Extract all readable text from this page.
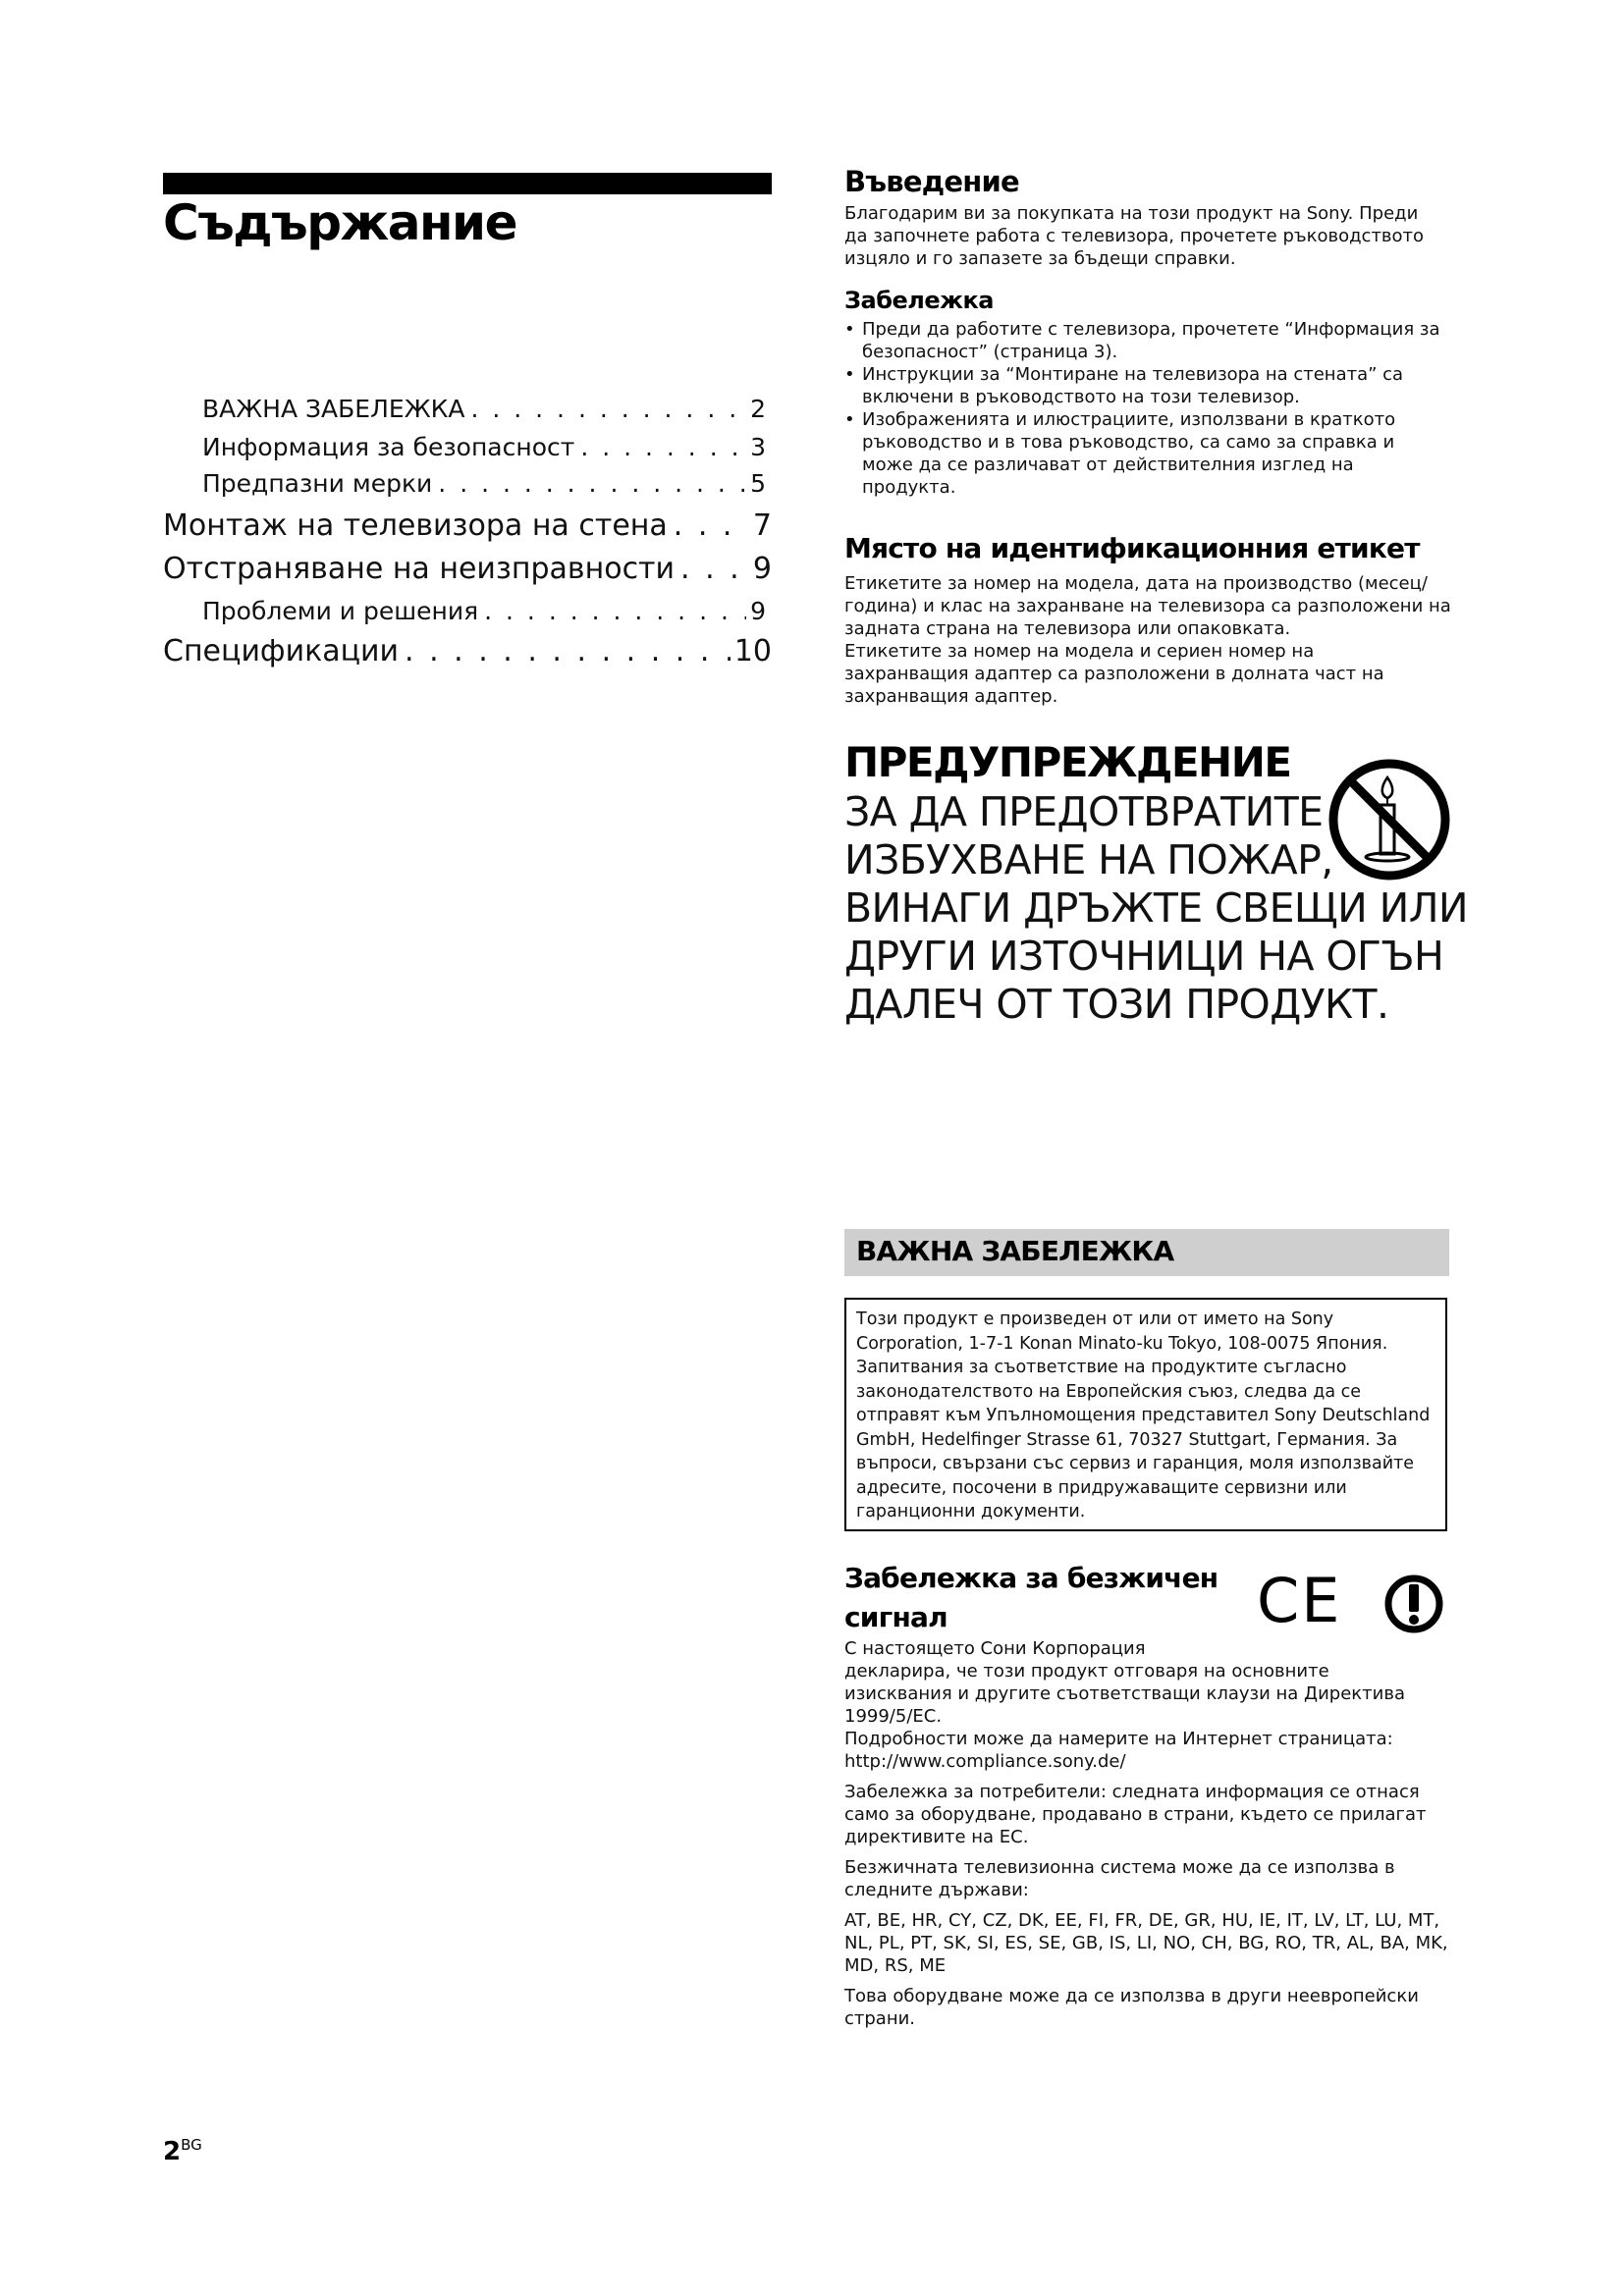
Съдържание
ВАЖНА ЗАБЕЛЕЖКА . . .	2
Информация за безопасност . . .	3
Предпазни мерки . . .	5
Монтаж на телевизора на стена . . .	7
Отстраняване на неизправности . . .	9
Проблеми и решения . . .	9
Спецификации . . .	10
Въведение

Благодарим ви за покупката на този продукт на Sony. Преди да започнете работа с телевизора, прочетете ръководството изцяло и го запазете за бъдещи справки.

Забележка
• Преди да работите с телевизора, прочетете “Информация за безопасност” (страница 3).
• Инструкции за “Монтиране на телевизора на стената” са включени в ръководството на този телевизор.
• Изображенията и илюстрациите, използвани в краткото ръководство и в това ръководство, са само за справка и може да се различават от действителния изглед на продукта.
Място на идентификационния етикет

Етикетите за номер на модела, дата на производство (месец/година) и клас на захранване на телевизора са разположени на задната страна на телевизора или опаковката.

Етикетите за номер на модела и сериен номер на захранващия адаптер са разположени в долната част на захранващия адаптер.

ПРЕДУПРЕЖДЕНИЕ

ЗА ДА ПРЕДОТВРАТИТЕ ИЗБУХВАНЕ НА ПОЖАР, ВИНАГИ ДРЪЖТЕ СВЕЩИ ИЛИ ДРУГИ ИЗТОЧНИЦИ НА ОГЪН ДАЛЕЧ ОТ ТОЗИ ПРОДУКТ.

ВАЖНА ЗАБЕЛЕЖКА

Този продукт е произведен от или от името на Sony Corporation, 1-7-1 Konan Minato-ku Tokyo, 108-0075 Япония. Запитвания за съответствие на продуктите съгласно законодателството на Европейския съюз, следва да се отправят към Упълномощения представител Sony Deutschland GmbH, Hedelfinger Strasse 61, 70327 Stuttgart, Германия. За въпроси, свързани със сервиз и гаранция, моля използвайте адресите, посочени в придружаващите сервизни или гаранционни документи.

Забележка за безжичен
сигнал

С настоящето Сони Корпорация

декларира, че този продукт отговаря на основните изисквания и другите съответстващи клаузи на Директива 1999/5/ЕС.

Подробности може да намерите на Интернет страницата:

http://www.compliance.sony.de/

Забележка за потребители: следната информация се отнася само за оборудване, продавано в страни, където се прилагат директивите на ЕС.

Безжичната телевизионна система може да се използва в следните държави:

AT, BE, HR, CY, CZ, DK, EE, FI, FR, DE, GR, HU, IE, IT, LV, LT, LU, MT, NL, PL, PT, SK, SI, ES, SE, GB, IS, LI, NO, CH, BG, RO, TR, AL, BA, MK, MD, RS, ME

Това оборудване може да се използва в други неевропейски страни.

CE
$2^{BG}$
